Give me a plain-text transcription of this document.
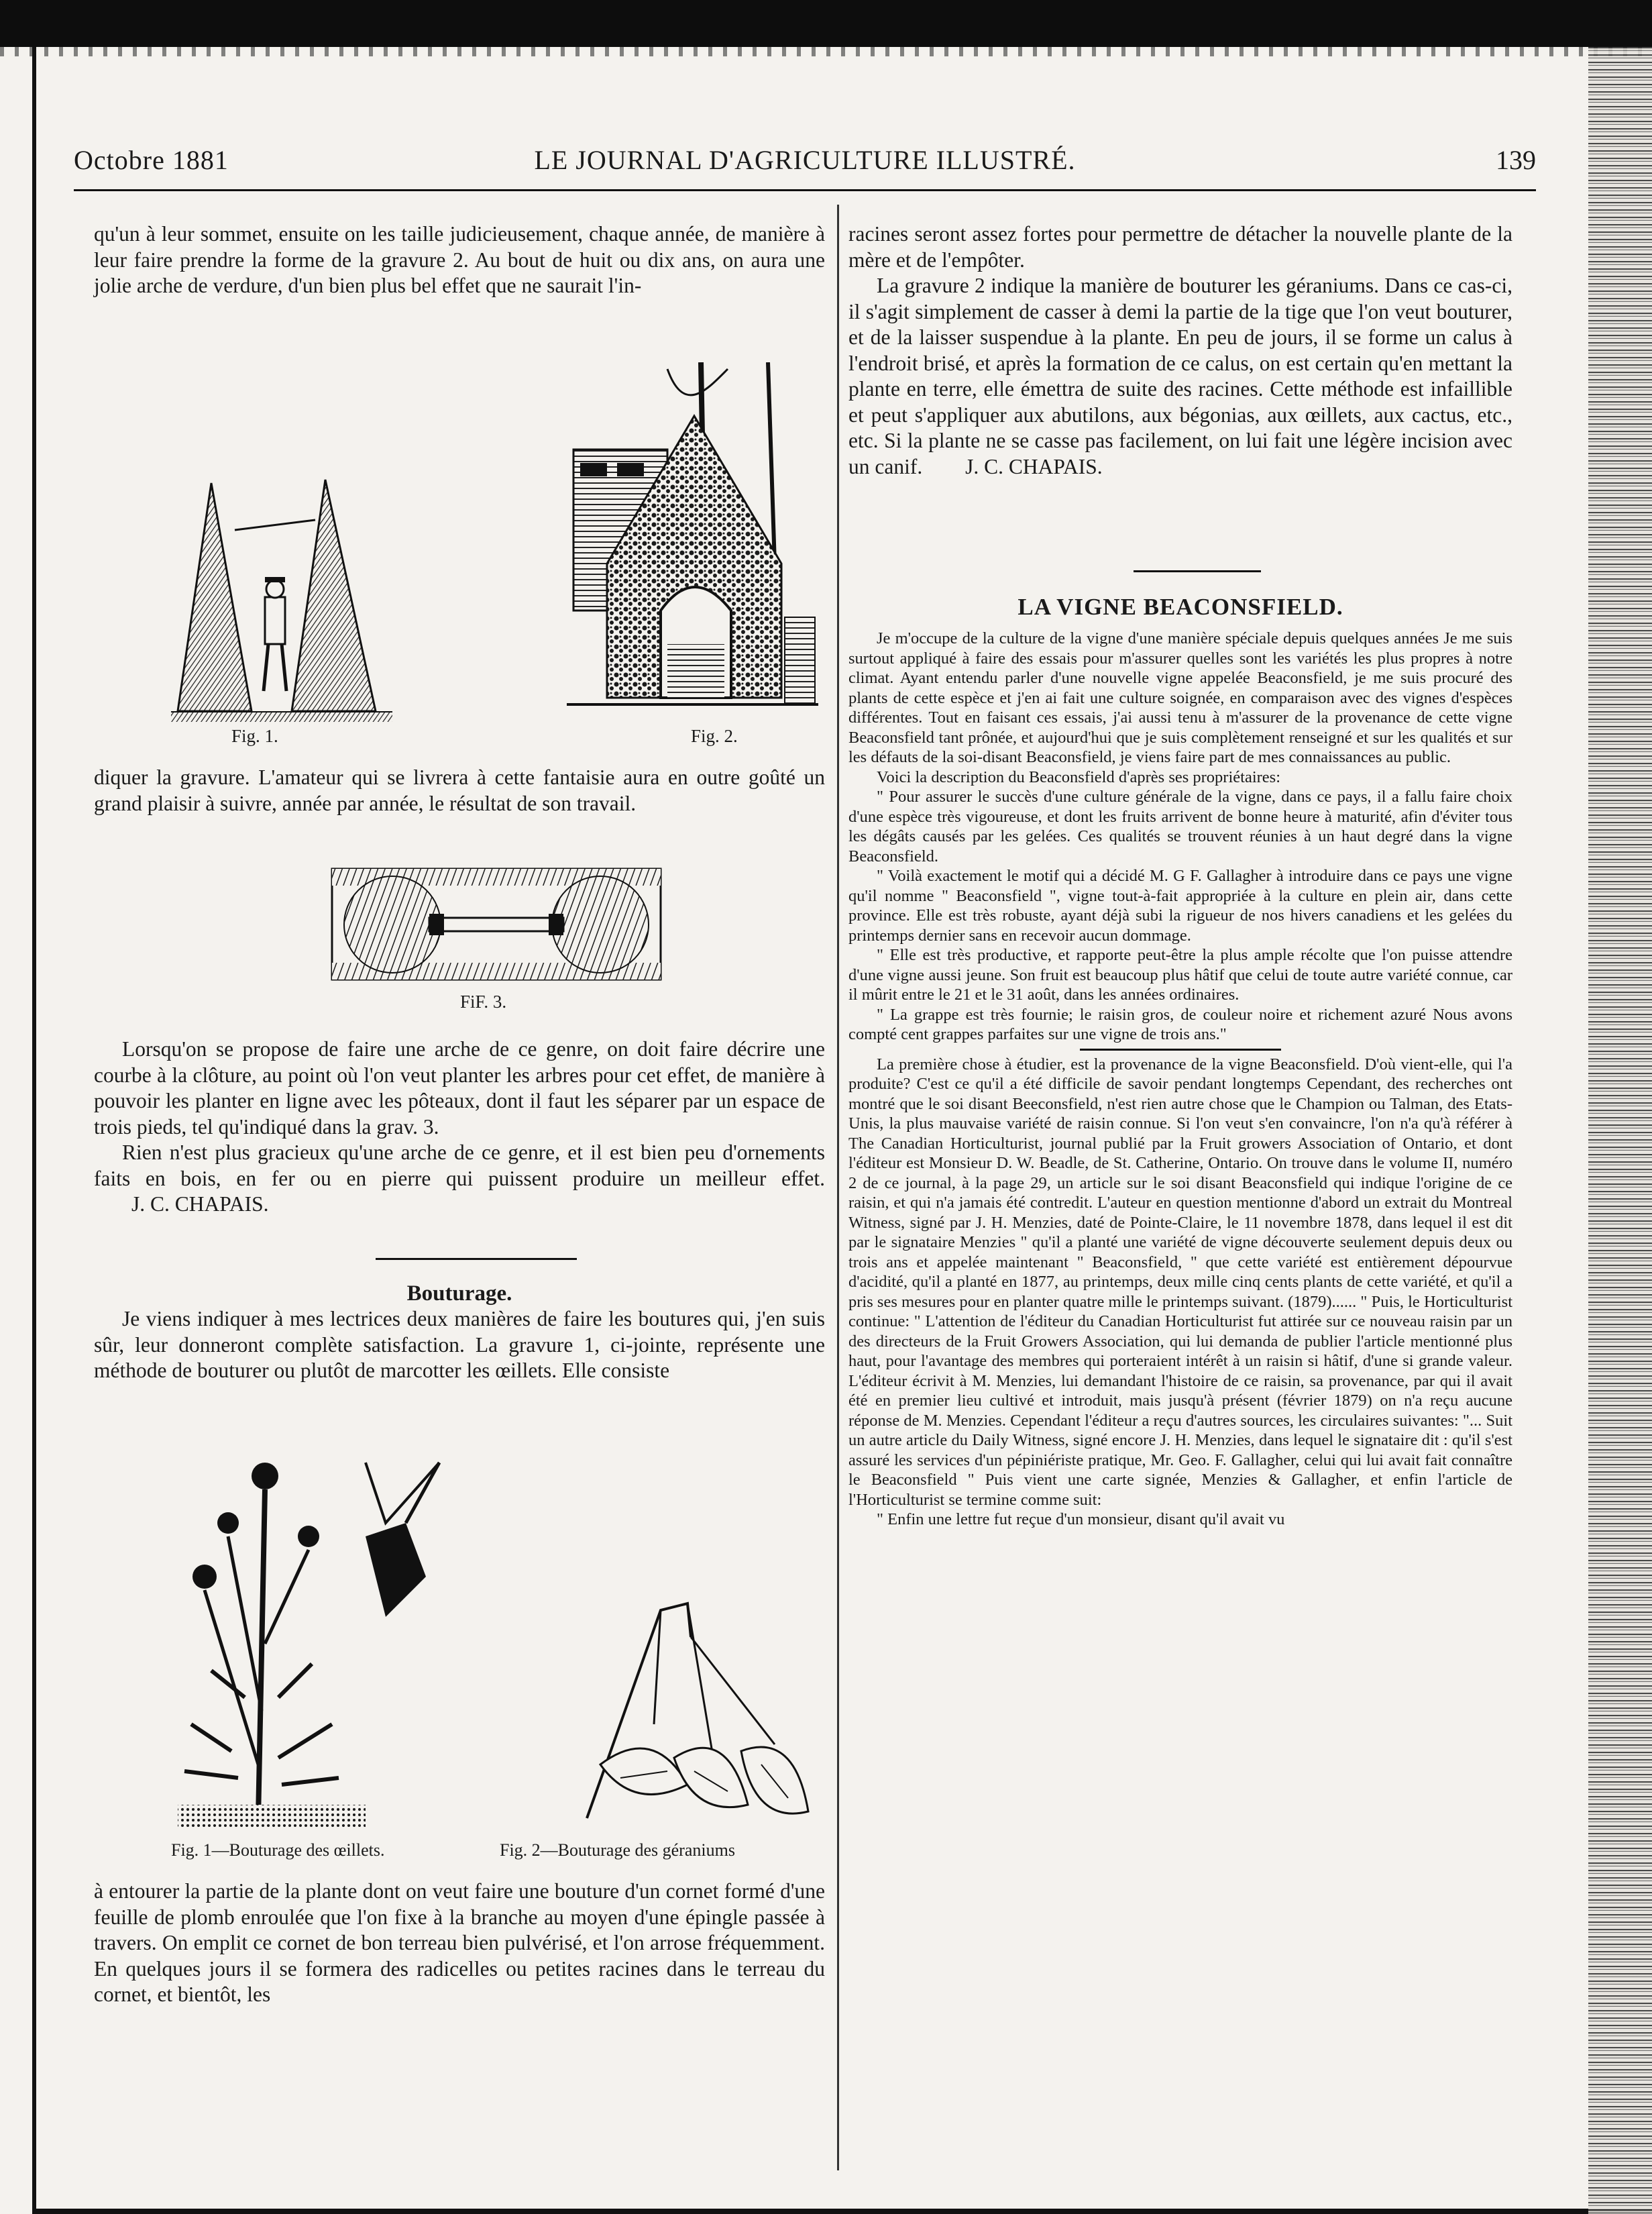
Octobre 1881	LE JOURNAL D'AGRICULTURE ILLUSTRÉ.	139

qu'un à leur sommet, ensuite on les taille judicieusement, chaque année, de manière à leur faire prendre la forme de la gravure 2. Au bout de huit ou dix ans, on aura une jolie arche de verdure, d'un bien plus bel effet que ne saurait l'in-

Fig. 1.	Fig. 2.

diquer la gravure. L'amateur qui se livrera à cette fantaisie aura en outre goûté un grand plaisir à suivre, année par année, le résultat de son travail.

FiF. 3.

Lorsqu'on se propose de faire une arche de ce genre, on doit faire décrire une courbe à la clôture, au point où l'on veut planter les arbres pour cet effet, de manière à pouvoir les planter en ligne avec les pôteaux, dont il faut les séparer par un espace de trois pieds, tel qu'indiqué dans la grav. 3.

Rien n'est plus gracieux qu'une arche de ce genre, et il est bien peu d'ornements faits en bois, en fer ou en pierre qui puissent produire un meilleur effet. J. C. CHAPAIS.

Bouturage.

Je viens indiquer à mes lectrices deux manières de faire les boutures qui, j'en suis sûr, leur donneront complète satisfaction. La gravure 1, ci-jointe, représente une méthode de bouturer ou plutôt de marcotter les œillets. Elle consiste

Fig. 1—Bouturage des œillets.	Fig. 2—Bouturage des géraniums

à entourer la partie de la plante dont on veut faire une bouture d'un cornet formé d'une feuille de plomb enroulée que l'on fixe à la branche au moyen d'une épingle passée à travers. On emplit ce cornet de bon terreau bien pulvérisé, et l'on arrose fréquemment. En quelques jours il se formera des radicelles ou petites racines dans le terreau du cornet, et bientôt, les

racines seront assez fortes pour permettre de détacher la nouvelle plante de la mère et de l'empôter.

La gravure 2 indique la manière de bouturer les géraniums. Dans ce cas-ci, il s'agit simplement de casser à demi la partie de la tige que l'on veut bouturer, et de la laisser suspendue à la plante. En peu de jours, il se forme un calus à l'endroit brisé, et après la formation de ce calus, on est certain qu'en mettant la plante en terre, elle émettra de suite des racines. Cette méthode est infaillible et peut s'appliquer aux abutilons, aux bégonias, aux œillets, aux cactus, etc., etc. Si la plante ne se casse pas facilement, on lui fait une légère incision avec un canif. J. C. CHAPAIS.

LA VIGNE BEACONSFIELD.

Je m'occupe de la culture de la vigne d'une manière spéciale depuis quelques années Je me suis surtout appliqué à faire des essais pour m'assurer quelles sont les variétés les plus propres à notre climat. Ayant entendu parler d'une nouvelle vigne appelée Beaconsfield, je me suis procuré des plants de cette espèce et j'en ai fait une culture soignée, en comparaison avec des vignes d'espèces différentes. Tout en faisant ces essais, j'ai aussi tenu à m'assurer de la provenance de cette vigne Beaconsfield tant prônée, et aujourd'hui que je suis complètement renseigné et sur les qualités et sur les défauts de la soi-disant Beaconsfield, je viens faire part de mes connaissances au public.

Voici la description du Beaconsfield d'après ses propriétaires:

" Pour assurer le succès d'une culture générale de la vigne, dans ce pays, il a fallu faire choix d'une espèce très vigoureuse, et dont les fruits arrivent de bonne heure à maturité, afin d'éviter tous les dégâts causés par les gelées. Ces qualités se trouvent réunies à un haut degré dans la vigne Beaconsfield.

" Voilà exactement le motif qui a décidé M. G F. Gallagher à introduire dans ce pays une vigne qu'il nomme " Beaconsfield ", vigne tout-à-fait appropriée à la culture en plein air, dans cette province. Elle est très robuste, ayant déjà subi la rigueur de nos hivers canadiens et les gelées du printemps dernier sans en recevoir aucun dommage.

" Elle est très productive, et rapporte peut-être la plus ample récolte que l'on puisse attendre d'une vigne aussi jeune. Son fruit est beaucoup plus hâtif que celui de toute autre variété connue, car il mûrit entre le 21 et le 31 août, dans les années ordinaires.

" La grappe est très fournie; le raisin gros, de couleur noire et richement azuré Nous avons compté cent grappes parfaites sur une vigne de trois ans."

La première chose à étudier, est la provenance de la vigne Beaconsfield. D'où vient-elle, qui l'a produite? C'est ce qu'il a été difficile de savoir pendant longtemps Cependant, des recherches ont montré que le soi disant Beeconsfield, n'est rien autre chose que le Champion ou Talman, des Etats-Unis, la plus mauvaise variété de raisin connue. Si l'on veut s'en convaincre, l'on n'a qu'à référer à The Canadian Horticulturist, journal publié par la Fruit growers Association of Ontario, et dont l'éditeur est Monsieur D. W. Beadle, de St. Catherine, Ontario. On trouve dans le volume II, numéro 2 de ce journal, à la page 29, un article sur le soi disant Beaconsfield qui indique l'origine de ce raisin, et qui n'a jamais été contredit. L'auteur en question mentionne d'abord un extrait du Montreal Witness, signé par J. H. Menzies, daté de Pointe-Claire, le 11 novembre 1878, dans lequel il est dit par le signataire Menzies " qu'il a planté une variété de vigne découverte seulement depuis deux ou trois ans et appelée maintenant " Beaconsfield, " que cette variété est entièrement dépourvue d'acidité, qu'il a planté en 1877, au printemps, deux mille cinq cents plants de cette variété, et qu'il a pris ses mesures pour en planter quatre mille le printemps suivant. (1879)...... " Puis, le Horticulturist continue: " L'attention de l'éditeur du Canadian Horticulturist fut attirée sur ce nouveau raisin par un des directeurs de la Fruit Growers Association, qui lui demanda de publier l'article mentionné plus haut, pour l'avantage des membres qui porteraient intérêt à un raisin si hâtif, d'une si grande valeur. L'éditeur écrivit à M. Menzies, lui demandant l'histoire de ce raisin, sa provenance, par qui il avait été en premier lieu cultivé et introduit, mais jusqu'à présent (février 1879) on n'a reçu aucune réponse de M. Menzies. Cependant l'éditeur a reçu d'autres sources, les circulaires suivantes: "... Suit un autre article du Daily Witness, signé encore J. H. Menzies, dans lequel le signataire dit : qu'il s'est assuré les services d'un pépiniériste pratique, Mr. Geo. F. Gallagher, celui qui lui avait fait connaître le Beaconsfield " Puis vient une carte signée, Menzies & Gallagher, et enfin l'article de l'Horticulturist se termine comme suit:

" Enfin une lettre fut reçue d'un monsieur, disant qu'il avait vu
